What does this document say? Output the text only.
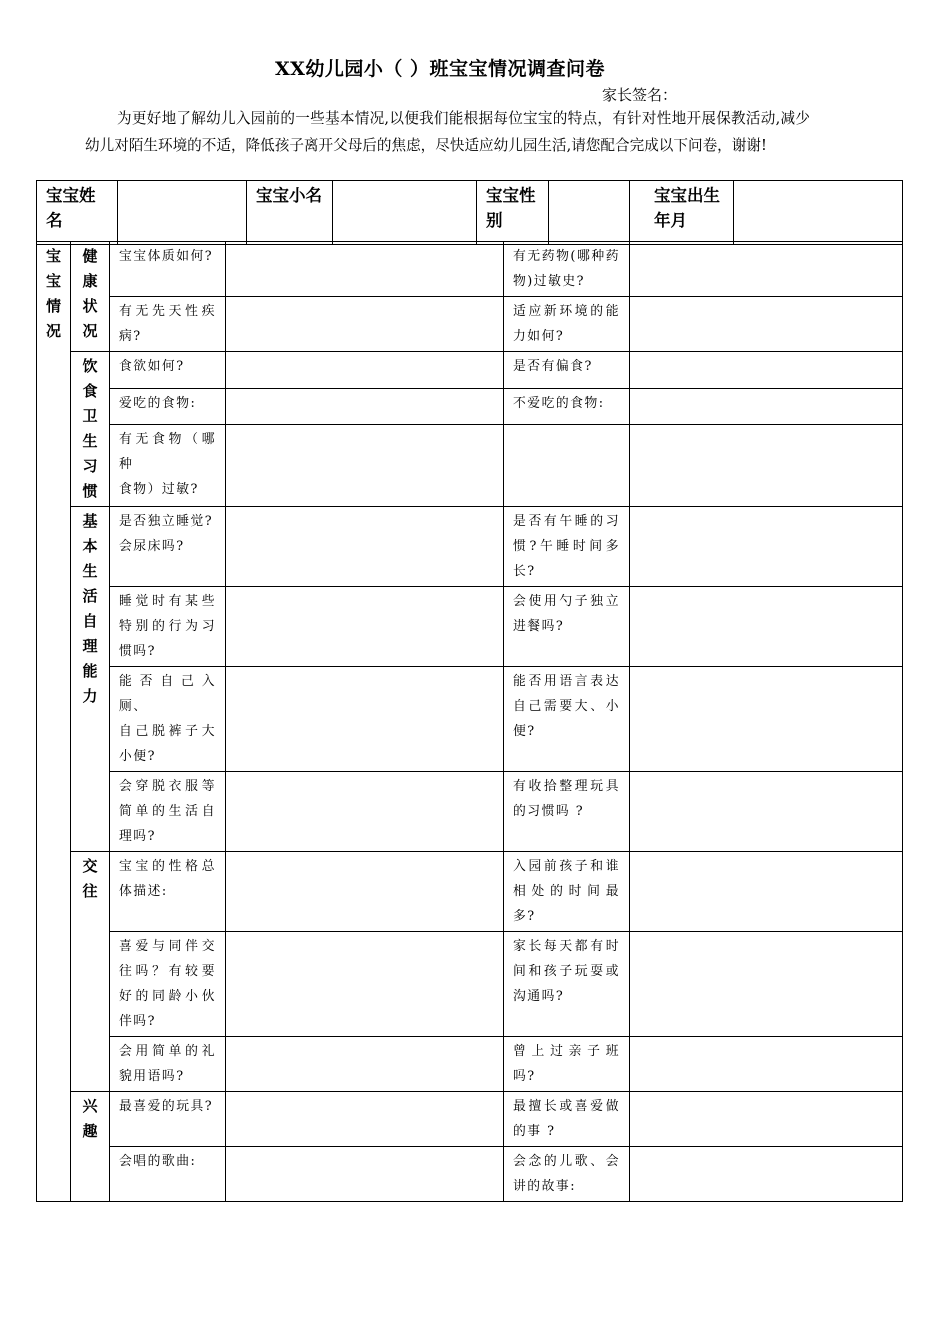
XX幼儿园小（ ）班宝宝情况调查问卷
家长签名：
为更好地了解幼儿入园前的一些基本情况,以便我们能根据每位宝宝的特点，有针对性地开展保教活动,减少幼儿对陌生环境的不适，降低孩子离开父母后的焦虑，尽快适应幼儿园生活,请您配合完成以下问卷，谢谢!
宝宝姓名		宝宝小名		宝宝性别		宝宝出生年月	
宝宝情况	健康状况	宝宝体质如何?		有无药物(哪种药物)过敏史?	
		有无先天性疾病?		适应新环境的能力如何?	

	饮食卫生习惯	食欲如何?		是否有偏食?	
		爱吃的食物:		不爱吃的食物:	
		有无食物（哪种
食物）过敏?			

	基本生活自理能力	是否独立睡觉?
会尿床吗?		是否有午睡的习惯?午睡时间多长?	
		睡觉时有某些特别的行为习惯吗?		会使用勺子独立进餐吗?	
		能否自己入厕、
自己脱裤子大小便?		能否用语言表达自己需要大、小便?	
		会穿脱衣服等简单的生活自理吗?		有收拾整理玩具的习惯吗 ?	

	交往	宝宝的性格总体描述:		入园前孩子和谁相处的时间最多?	
		喜爱与同伴交往吗？有较要好的同龄小伙伴吗?		家长每天都有时间和孩子玩耍或沟通吗?	
		会用简单的礼貌用语吗?		曾上过亲子班吗?	

	兴趣	最喜爱的玩具?		最擅长或喜爱做的事 ?	
		会唱的歌曲:		会念的儿歌、会讲的故事:	
